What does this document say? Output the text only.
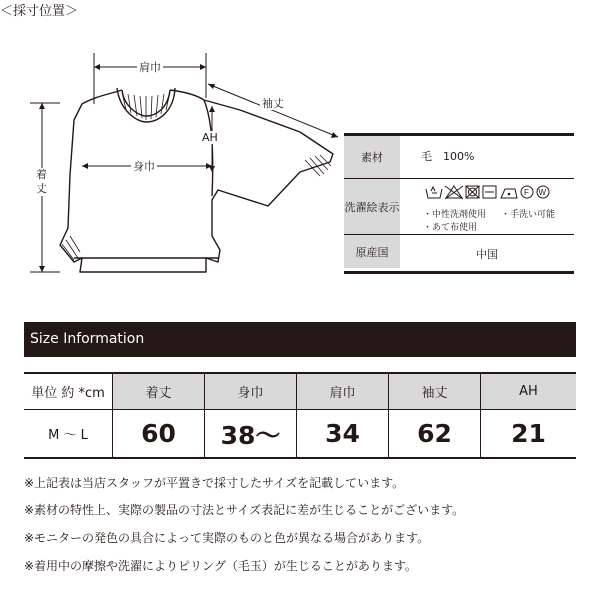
＜採寸位置＞
肩巾
袖丈
AH
身巾
着丈
素材	毛　100%
洗濯絵表示
F W
・中性洗剤使用	・手洗い可能
・あて布使用
原産国	中国
Size Information
単位 約 *cm	着丈	身巾	肩巾	袖丈	AH
M ～ L	60	38～	34	62	21

※上記表は当店スタッフが平置きで採寸したサイズを記載しています。

※素材の特性上、実際の製品の寸法とサイズ表記に差が生じることがございます。

※モニターの発色の具合によって実際のものと色が異なる場合があります。

※着用中の摩擦や洗濯によりピリング（毛玉）が生じることがあります。
